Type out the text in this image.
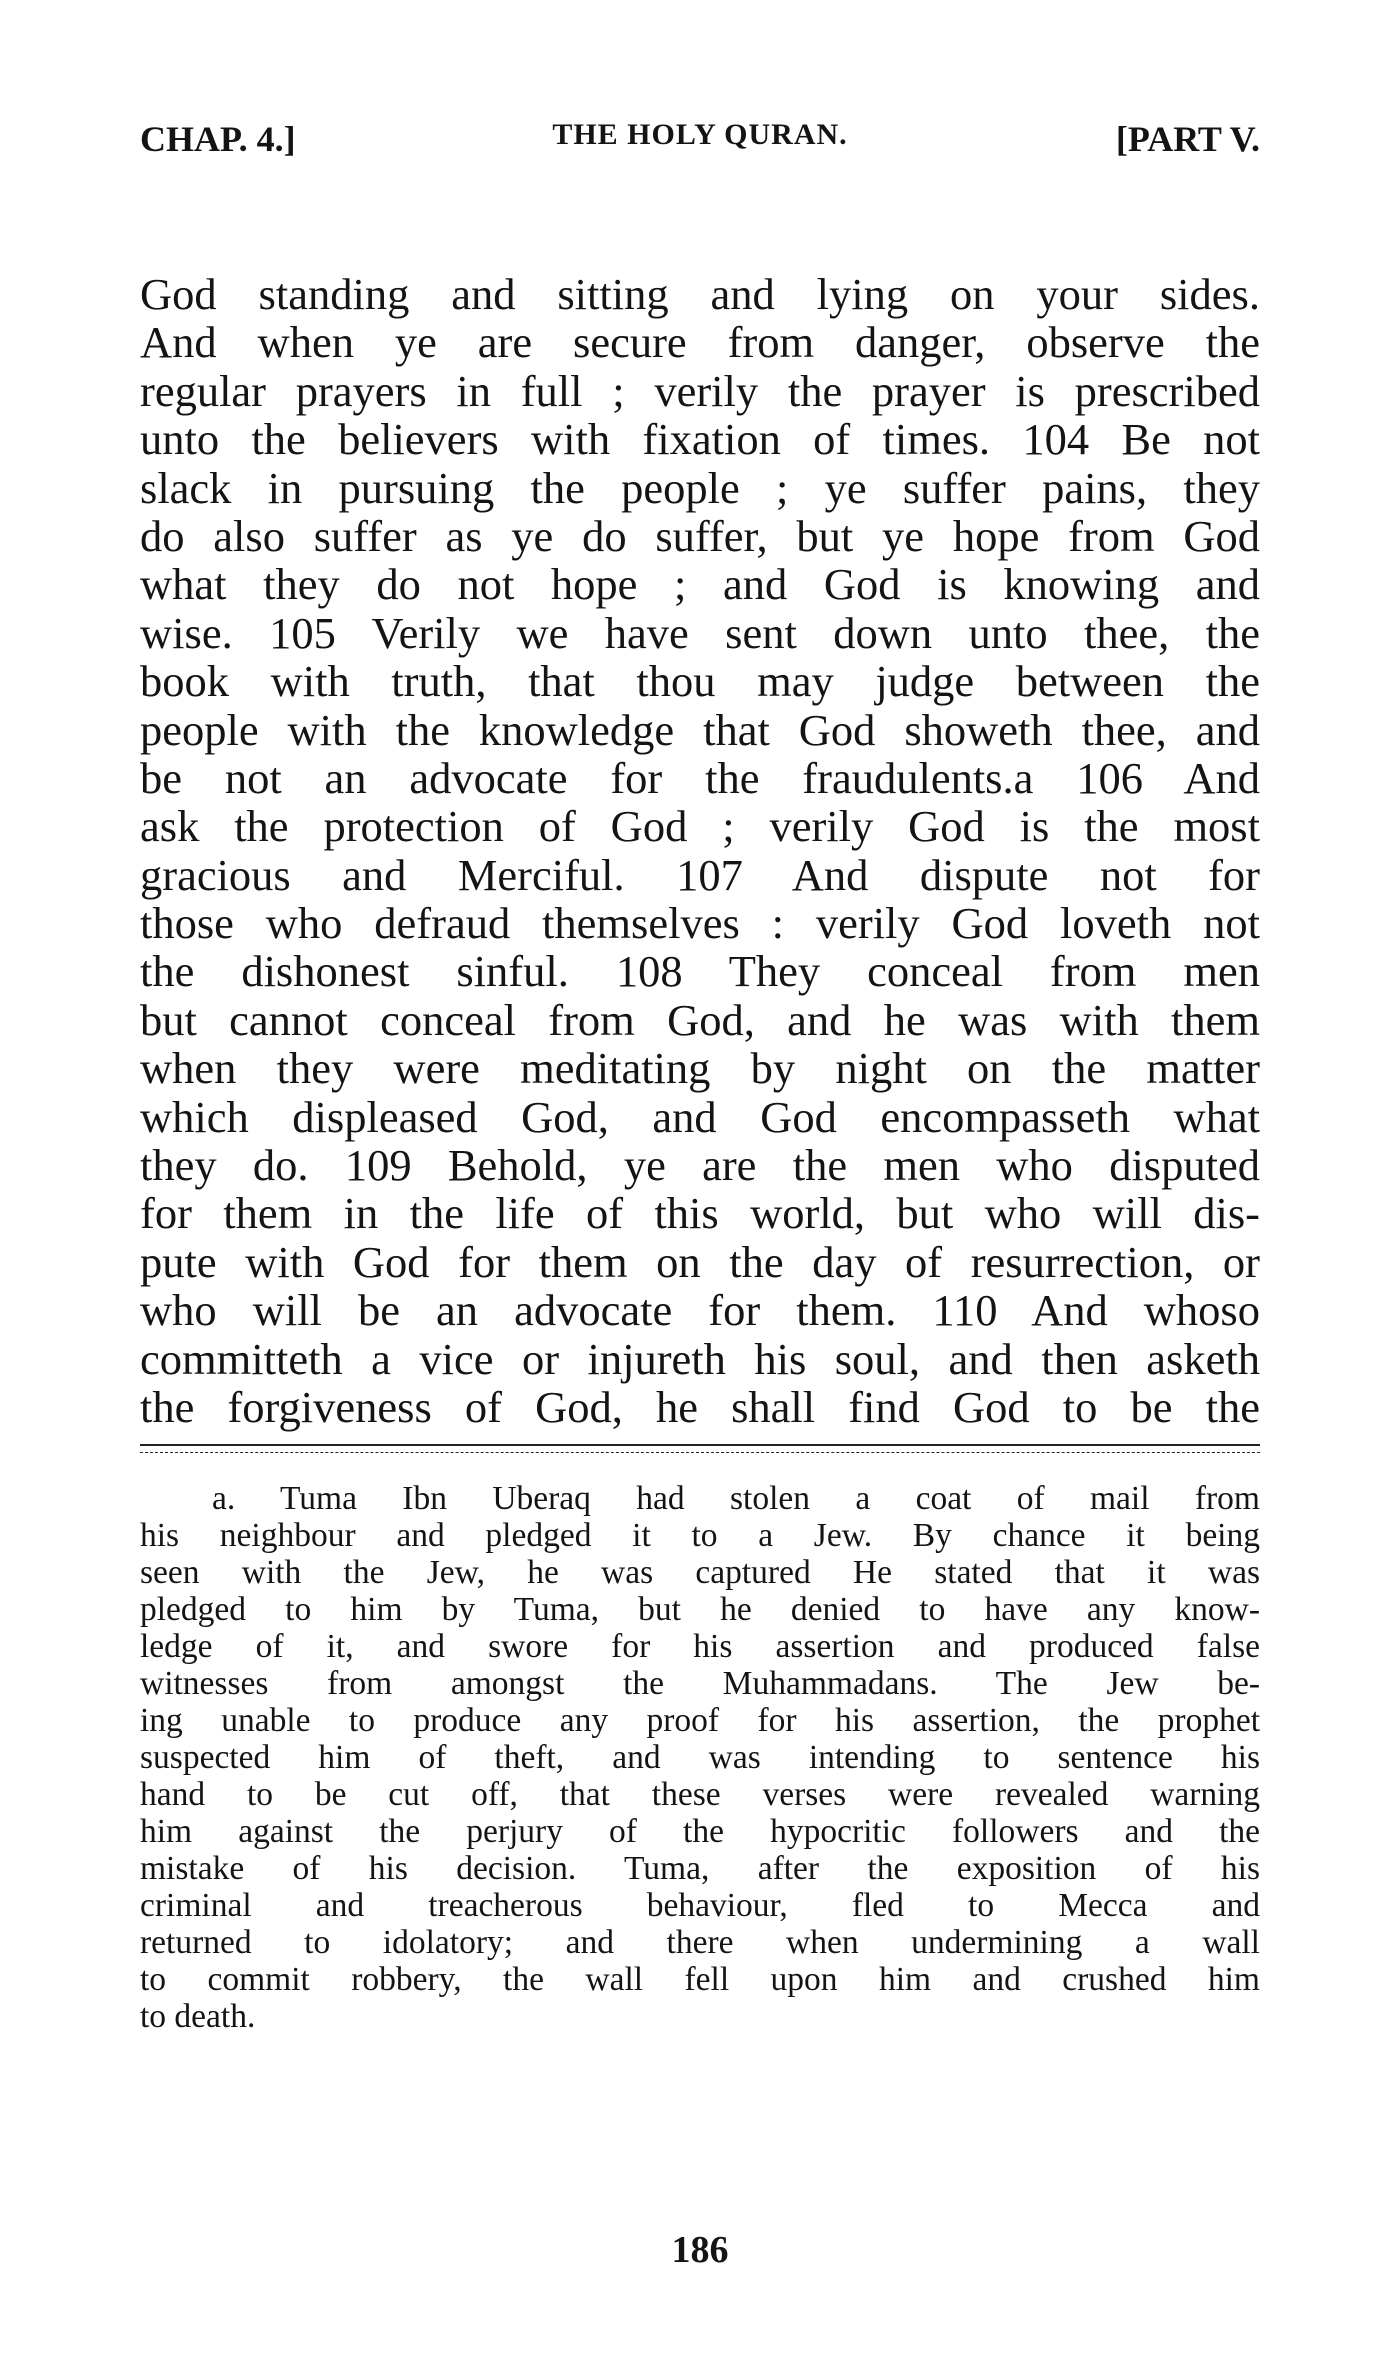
CHAP. 4.]	THE HOLY QURAN.	[PART V.
God standing and sitting and lying on your sides.
And when ye are secure from danger, observe the
regular prayers in full ; verily the prayer is prescribed
unto the believers with fixation of times. 104 Be not
slack in pursuing the people ; ye suffer pains, they
do also suffer as ye do suffer, but ye hope from God
what they do not hope ; and God is knowing and
wise. 105 Verily we have sent down unto thee, the
book with truth, that thou may judge between the
people with the knowledge that God showeth thee, and
be not an advocate for the fraudulents.a 106 And
ask the protection of God ; verily God is the most
gracious and Merciful. 107 And dispute not for
those who defraud themselves : verily God loveth not
the dishonest sinful. 108 They conceal from men
but cannot conceal from God, and he was with them
when they were meditating by night on the matter
which displeased God, and God encompasseth what
they do. 109 Behold, ye are the men who disputed
for them in the life of this world, but who will dis-
pute with God for them on the day of resurrection, or
who will be an advocate for them. 110 And whoso
committeth a vice or injureth his soul, and then asketh
the forgiveness of God, he shall find God to be the
a. Tuma Ibn Uberaq had stolen a coat of mail from
his neighbour and pledged it to a Jew. By chance it being
seen with the Jew, he was captured He stated that it was
pledged to him by Tuma, but he denied to have any know-
ledge of it, and swore for his assertion and produced false
witnesses from amongst the Muhammadans. The Jew be-
ing unable to produce any proof for his assertion, the prophet
suspected him of theft, and was intending to sentence his
hand to be cut off, that these verses were revealed warning
him against the perjury of the hypocritic followers and the
mistake of his decision. Tuma, after the exposition of his
criminal and treacherous behaviour, fled to Mecca and
returned to idolatory; and there when undermining a wall
to commit robbery, the wall fell upon him and crushed him
to death.
186
